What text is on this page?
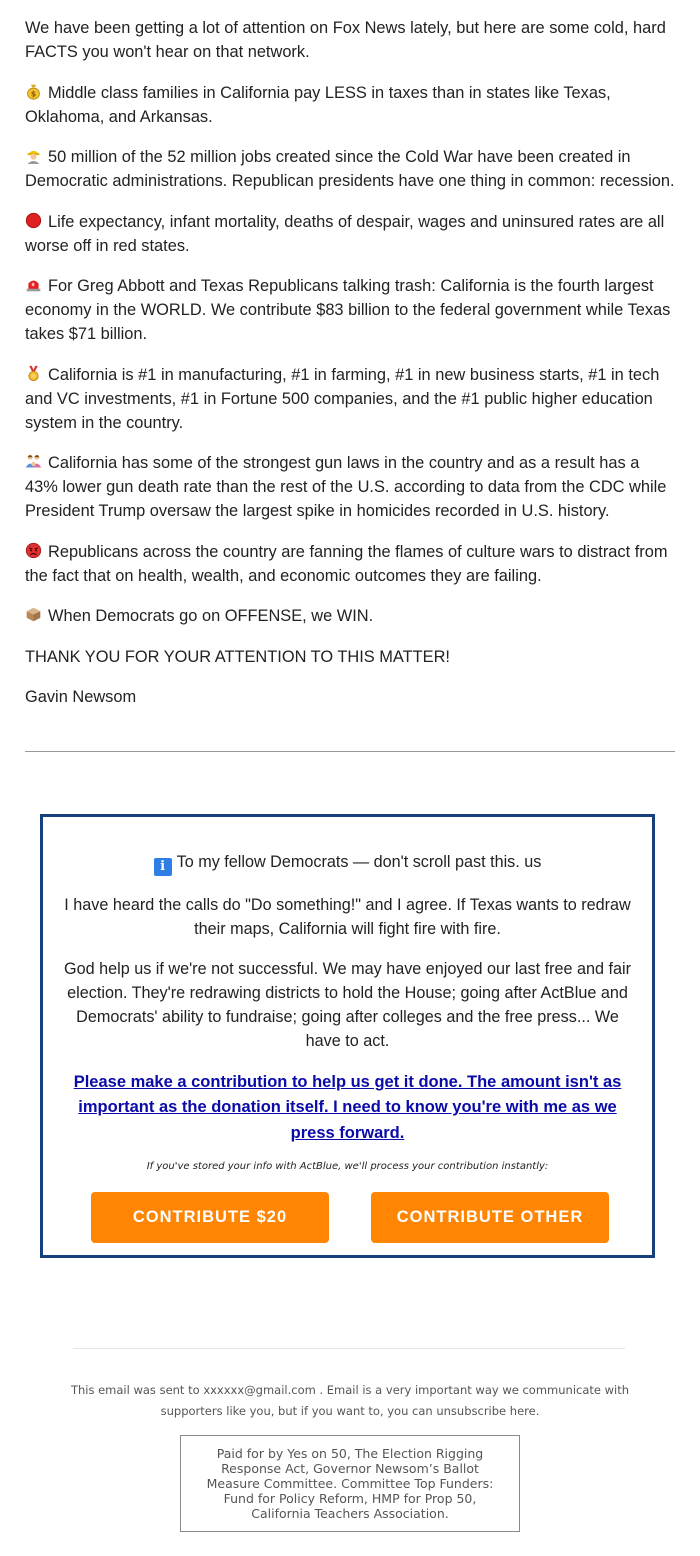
We have been getting a lot of attention on Fox News lately, but here are some cold, hard FACTS you won't hear on that network.

$ Middle class families in California pay LESS in taxes than in states like Texas, Oklahoma, and Arkansas.

50 million of the 52 million jobs created since the Cold War have been created in Democratic administrations. Republican presidents have one thing in common: recession.

Life expectancy, infant mortality, deaths of despair, wages and uninsured rates are all worse off in red states.

For Greg Abbott and Texas Republicans talking trash: California is the fourth largest economy in the WORLD. We contribute $83 billion to the federal government while Texas takes $71 billion.

California is #1 in manufacturing, #1 in farming, #1 in new business starts, #1 in tech and VC investments, #1 in Fortune 500 companies, and the #1 public higher education system in the country.

California has some of the strongest gun laws in the country and as a result has a 43% lower gun death rate than the rest of the U.S. according to data from the CDC while President Trump oversaw the largest spike in homicides recorded in U.S. history.

Republicans across the country are fanning the flames of culture wars to distract from the fact that on health, wealth, and economic outcomes they are failing.

When Democrats go on OFFENSE, we WIN.

THANK YOU FOR YOUR ATTENTION TO THIS MATTER!

Gavin Newsom

i To my fellow Democrats — don't scroll past this. us

I have heard the calls do "Do something!" and I agree. If Texas wants to redraw their maps, California will fight fire with fire.

God help us if we're not successful. We may have enjoyed our last free and fair election. They're redrawing districts to hold the House; going after ActBlue and Democrats' ability to fundraise; going after colleges and the free press... We have to act.

Please make a contribution to help us get it done. The amount isn't as important as the donation itself. I need to know you're with me as we press forward.

If you've stored your info with ActBlue, we'll process your contribution instantly:

CONTRIBUTE $20	CONTRIBUTE OTHER
This email was sent to xxxxxx@gmail.com . Email is a very important way we communicate with supporters like you, but if you want to, you can unsubscribe here.
Paid for by Yes on 50, The Election Rigging Response Act, Governor Newsom’s Ballot Measure Committee. Committee Top Funders: Fund for Policy Reform, HMP for Prop 50, California Teachers Association.
